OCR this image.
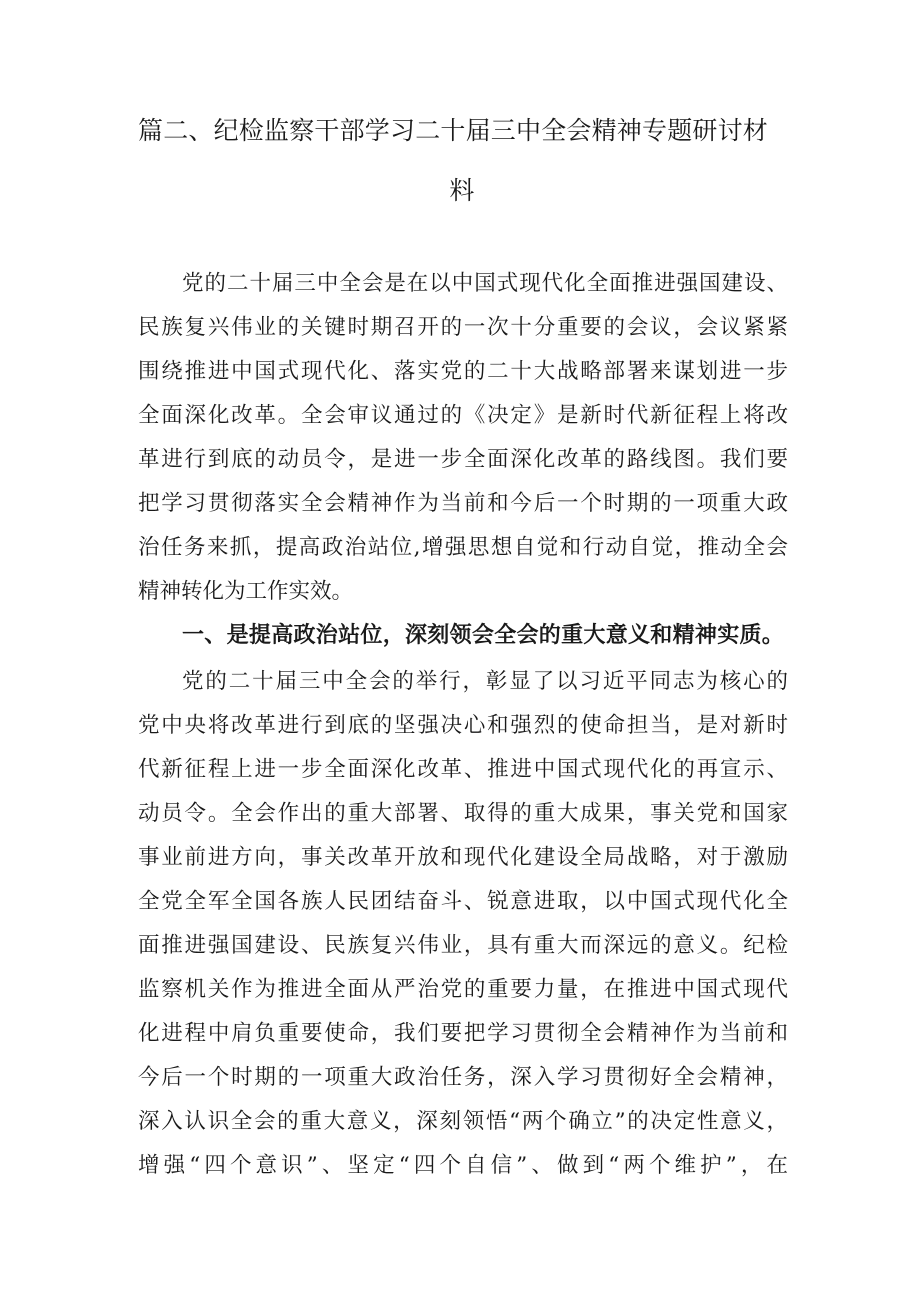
篇二、纪检监察干部学习二十届三中全会精神专题研讨材
料
党的二十届三中全会是在以中国式现代化全面推进强国建设、
民族复兴伟业的关键时期召开的一次十分重要的会议，会议紧紧
围绕推进中国式现代化、落实党的二十大战略部署来谋划进一步
全面深化改革。全会审议通过的《决定》是新时代新征程上将改
革进行到底的动员令，是进一步全面深化改革的路线图。我们要
把学习贯彻落实全会精神作为当前和今后一个时期的一项重大政
治任务来抓，提高政治站位,增强思想自觉和行动自觉，推动全会
精神转化为工作实效。
一、是提高政治站位，深刻领会全会的重大意义和精神实质。
党的二十届三中全会的举行，彰显了以习近平同志为核心的
党中央将改革进行到底的坚强决心和强烈的使命担当，是对新时
代新征程上进一步全面深化改革、推进中国式现代化的再宣示、
动员令。全会作出的重大部署、取得的重大成果，事关党和国家
事业前进方向，事关改革开放和现代化建设全局战略，对于激励
全党全军全国各族人民团结奋斗、锐意进取，以中国式现代化全
面推进强国建设、民族复兴伟业，具有重大而深远的意义。纪检
监察机关作为推进全面从严治党的重要力量，在推进中国式现代
化进程中肩负重要使命，我们要把学习贯彻全会精神作为当前和
今后一个时期的一项重大政治任务，深入学习贯彻好全会精神，
深入认识全会的重大意义，深刻领悟“两个确立”的决定性意义，
增强“四个意识”、坚定“四个自信”、做到“两个维护”，在
